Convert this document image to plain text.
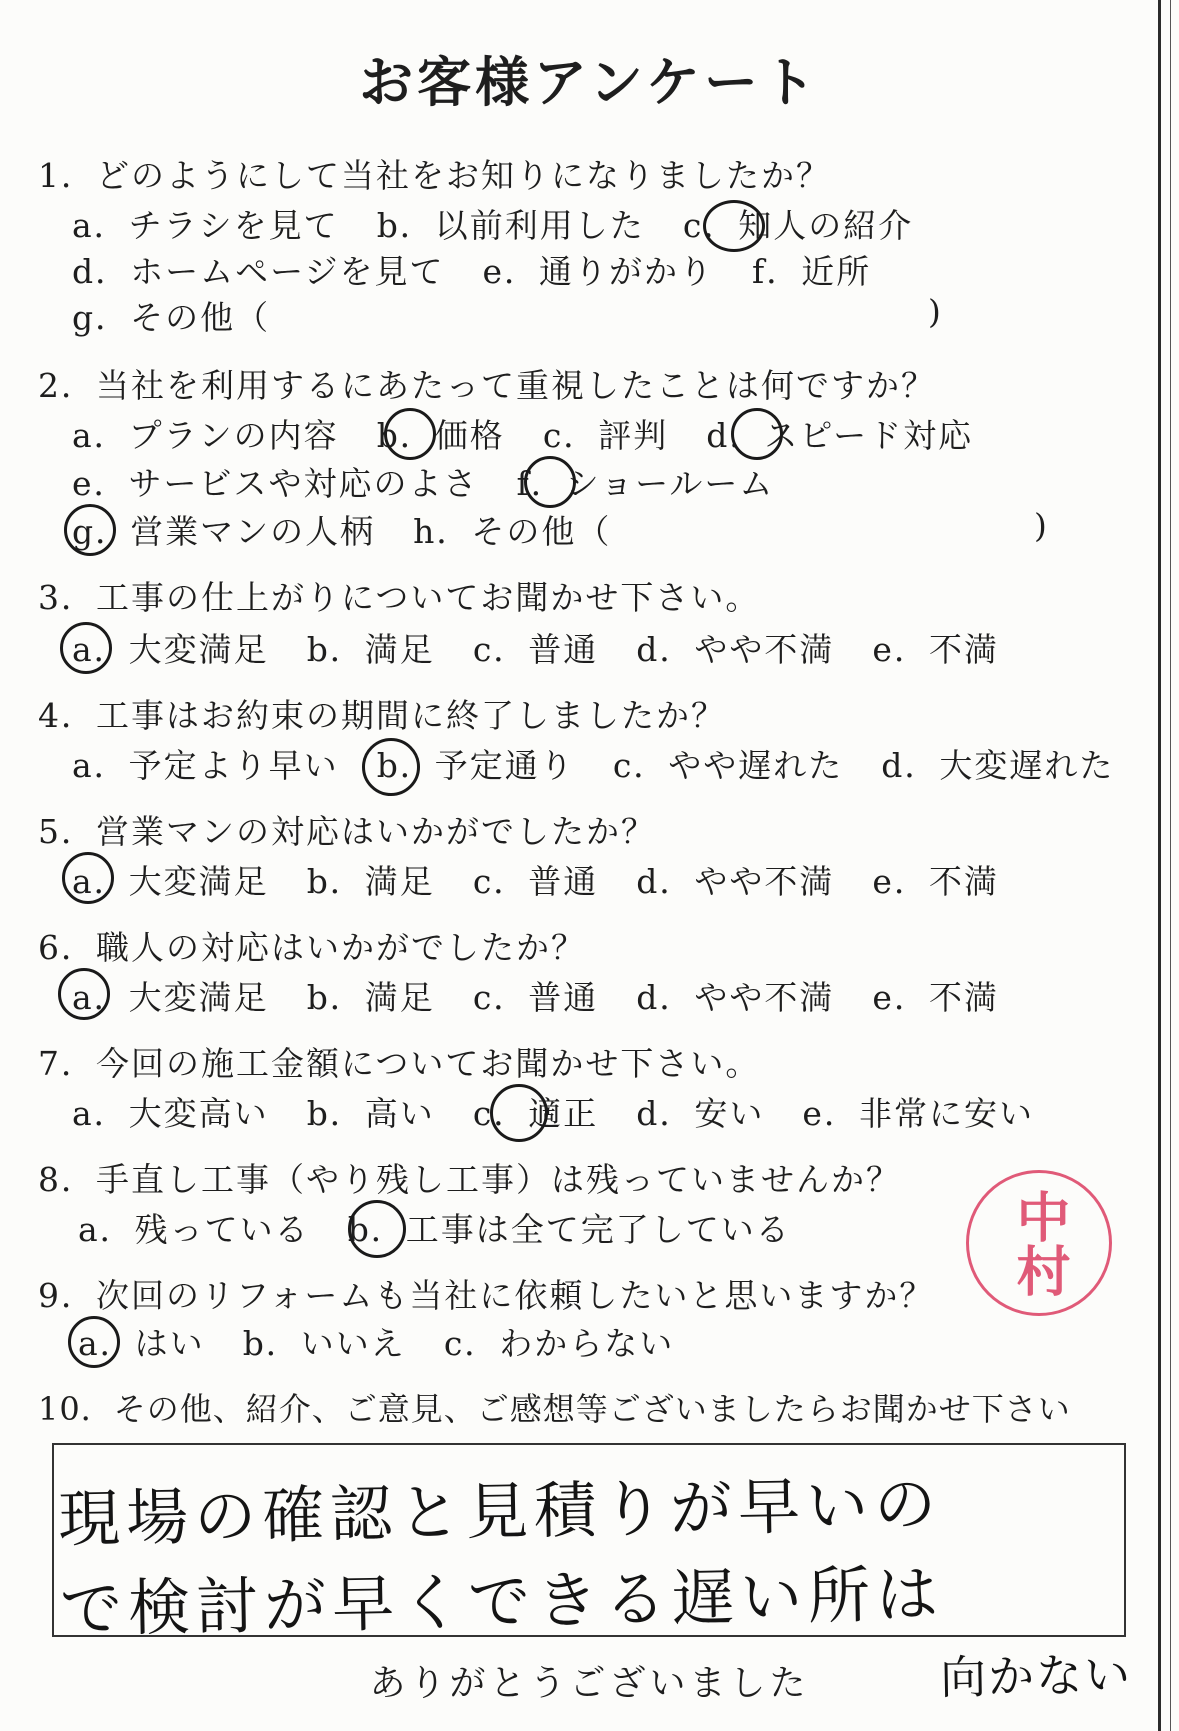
お客様アンケート
1．どのようにして当社をお知りになりましたか？
a．チラシを見て b．以前利用した c．知人の紹介
d．ホームページを見て e．通りがかり f．近所
g．その他（	)
2．当社を利用するにあたって重視したことは何ですか？
a．プランの内容 b．価格 c．評判 d．スピード対応
e．サービスや対応のよさ f．ショールーム
g．営業マンの人柄 h．その他（	)
3．工事の仕上がりについてお聞かせ下さい。
a．大変満足 b．満足 c．普通 d．やや不満 e．不満
4．工事はお約束の期間に終了しましたか？
a．予定より早い b．予定通り c．やや遅れた d．大変遅れた
5．営業マンの対応はいかがでしたか？
a．大変満足 b．満足 c．普通 d．やや不満 e．不満
6．職人の対応はいかがでしたか？
a．大変満足 b．満足 c．普通 d．やや不満 e．不満
7．今回の施工金額についてお聞かせ下さい。
a．大変高い b．高い c．適正 d．安い e．非常に安い
8．手直し工事（やり残し工事）は残っていませんか？
a．残っている b．工事は全て完了している
9．次回のリフォームも当社に依頼したいと思いますか？
a．はい b．いいえ c．わからない
10．その他、紹介、ご意見、ご感想等ございましたらお聞かせ下さい
現場の確認と見積りが早いの
で検討が早くできる遅い所は
向かない
中村
ありがとうございました
